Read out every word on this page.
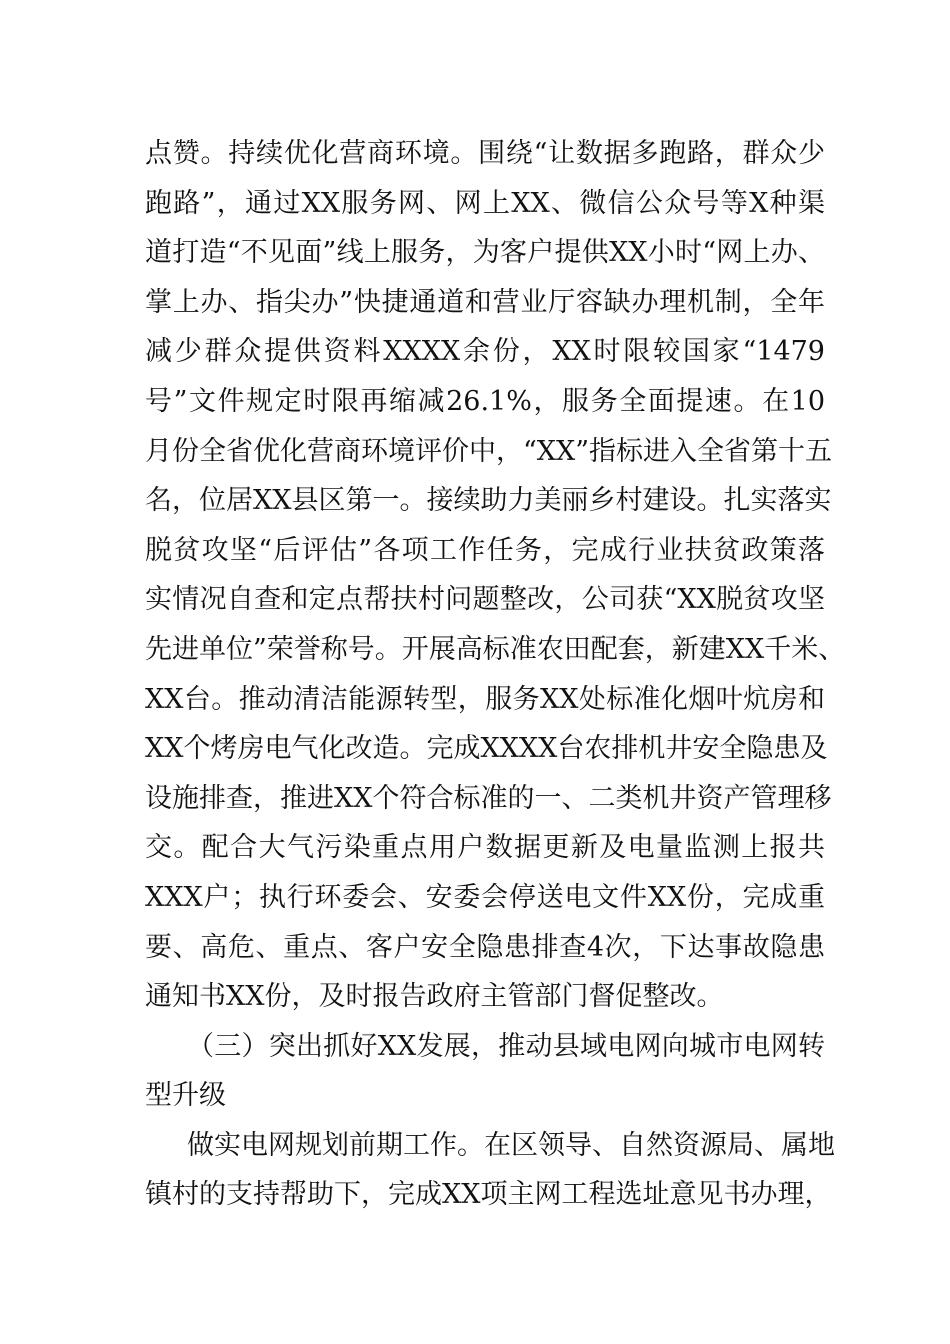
点赞。持续优化营商环境。围绕“让数据多跑路，群众少
跑路”，通过XX服务网、网上XX、微信公众号等X种渠
道打造“不见面”线上服务，为客户提供XX小时“网上办、
掌上办、指尖办”快捷通道和营业厅容缺办理机制，全年
减少群众提供资料XXXX余份，XX时限较国家“1479
号”文件规定时限再缩减26.1%，服务全面提速。在10
月份全省优化营商环境评价中，“XX”指标进入全省第十五
名，位居XX县区第一。接续助力美丽乡村建设。扎实落实
脱贫攻坚“后评估”各项工作任务，完成行业扶贫政策落
实情况自查和定点帮扶村问题整改，公司获“XX脱贫攻坚
先进单位”荣誉称号。开展高标准农田配套，新建XX千米、
XX台。推动清洁能源转型，服务XX处标准化烟叶炕房和
XX个烤房电气化改造。完成XXXX台农排机井安全隐患及
设施排查，推进XX个符合标准的一、二类机井资产管理移
交。配合大气污染重点用户数据更新及电量监测上报共
XXX户；执行环委会、安委会停送电文件XX份，完成重
要、高危、重点、客户安全隐患排查4次，下达事故隐患
通知书XX份，及时报告政府主管部门督促整改。
（三）突出抓好XX发展，推动县域电网向城市电网转
型升级
做实电网规划前期工作。在区领导、自然资源局、属地
镇村的支持帮助下，完成XX项主网工程选址意见书办理，
